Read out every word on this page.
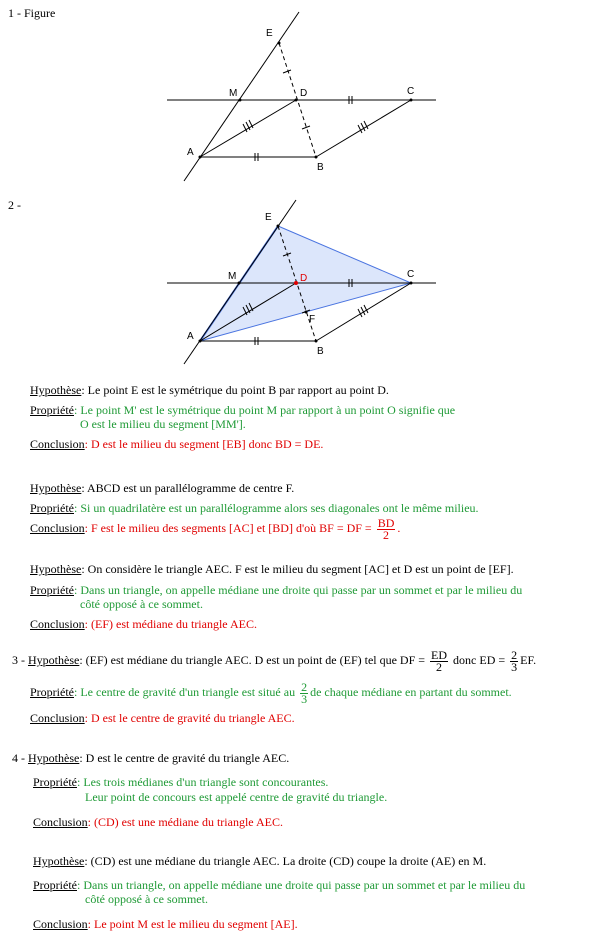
1 - Figure
E
M	D	C
A
B
2 -
E
M	D	C
A
F
B
Hypothèse: Le point E est le symétrique du point B par rapport au point D.
Propriété: Le point M' est le symétrique du point M par rapport à un point O signifie que
O est le milieu du segment [MM'].
Conclusion: D est le milieu du segment [EB] donc BD = DE.
Hypothèse: ABCD est un parallélogramme de centre F.
Propriété: Si un quadrilatère est un parallélogramme alors ses diagonales ont le même milieu.
Conclusion: F est le milieu des segments [AC] et [BD] d'où BF = DF = $\frac{BD}{2}$ .
Hypothèse: On considère le triangle AEC. F est le milieu du segment [AC] et D est un point de [EF].
Propriété: Dans un triangle, on appelle médiane une droite qui passe par un sommet et par le milieu du
côté opposé à ce sommet.
Conclusion: (EF) est médiane du triangle AEC.
3 - Hypothèse: (EF) est médiane du triangle AEC. D est un point de (EF) tel que DF = $\frac{ED}{2}$ donc ED = $\frac{2}{3}$ EF.
Propriété: Le centre de gravité d'un triangle est situé au $\frac{2}{3}$ de chaque médiane en partant du sommet.
Conclusion: D est le centre de gravité du triangle AEC.
4 - Hypothèse: D est le centre de gravité du triangle AEC.
Propriété: Les trois médianes d'un triangle sont concourantes.
Leur point de concours est appelé centre de gravité du triangle.
Conclusion: (CD) est une médiane du triangle AEC.
Hypothèse: (CD) est une médiane du triangle AEC. La droite (CD) coupe la droite (AE) en M.
Propriété: Dans un triangle, on appelle médiane une droite qui passe par un sommet et par le milieu du
côté opposé à ce sommet.
Conclusion: Le point M est le milieu du segment [AE].
